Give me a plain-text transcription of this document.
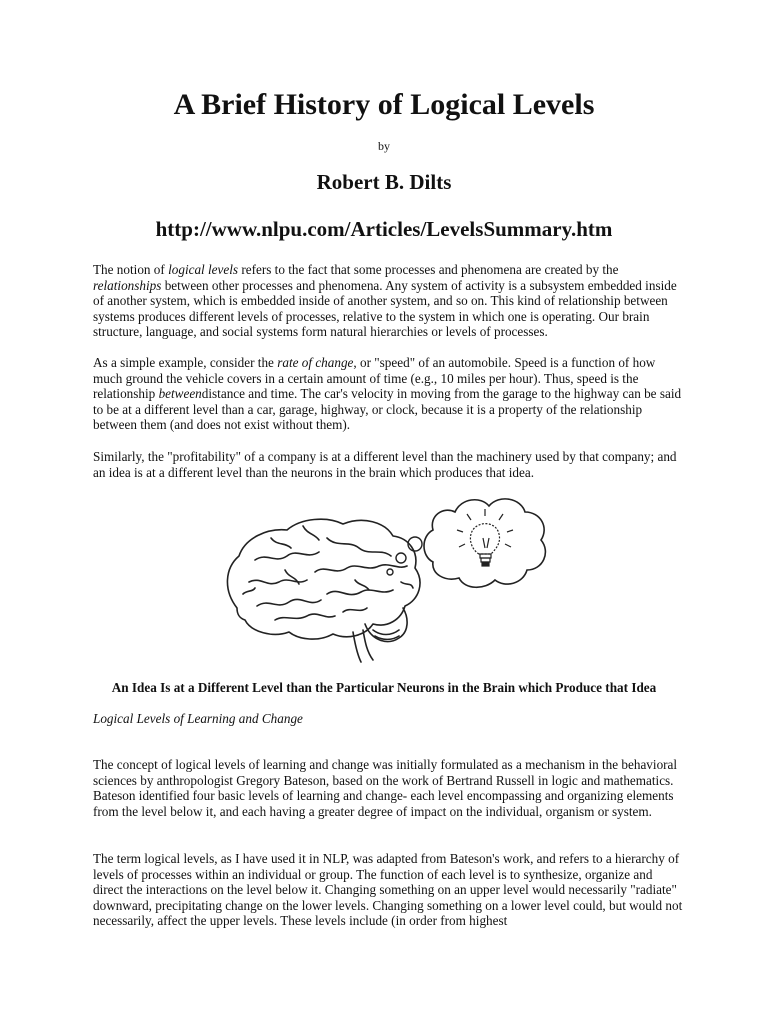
A Brief History of Logical Levels
by
Robert B. Dilts
http://www.nlpu.com/Articles/LevelsSummary.htm

The notion of logical levels refers to the fact that some processes and phenomena are created by the relationships between other processes and phenomena. Any system of activity is a subsystem embedded inside of another system, which is embedded inside of another system, and so on. This kind of relationship between systems produces different levels of processes, relative to the system in which one is operating. Our brain structure, language, and social systems form natural hierarchies or levels of processes.

As a simple example, consider the rate of change, or "speed" of an automobile. Speed is a function of how much ground the vehicle covers in a certain amount of time (e.g., 10 miles per hour). Thus, speed is the relationship betweendistance and time. The car's velocity in moving from the garage to the highway can be said to be at a different level than a car, garage, highway, or clock, because it is a property of the relationship between them (and does not exist without them).

Similarly, the "profitability" of a company is at a different level than the machinery used by that company; and an idea is at a different level than the neurons in the brain which produces that idea.

An Idea Is at a Different Level than the Particular Neurons in the Brain which Produce that Idea
Logical Levels of Learning and Change

The concept of logical levels of learning and change was initially formulated as a mechanism in the behavioral sciences by anthropologist Gregory Bateson, based on the work of Bertrand Russell in logic and mathematics. Bateson identified four basic levels of learning and change- each level encompassing and organizing elements from the level below it, and each having a greater degree of impact on the individual, organism or system.

The term logical levels, as I have used it in NLP, was adapted from Bateson's work, and refers to a hierarchy of levels of processes within an individual or group. The function of each level is to synthesize, organize and direct the interactions on the level below it. Changing something on an upper level would necessarily "radiate" downward, precipitating change on the lower levels. Changing something on a lower level could, but would not necessarily, affect the upper levels. These levels include (in order from highest
